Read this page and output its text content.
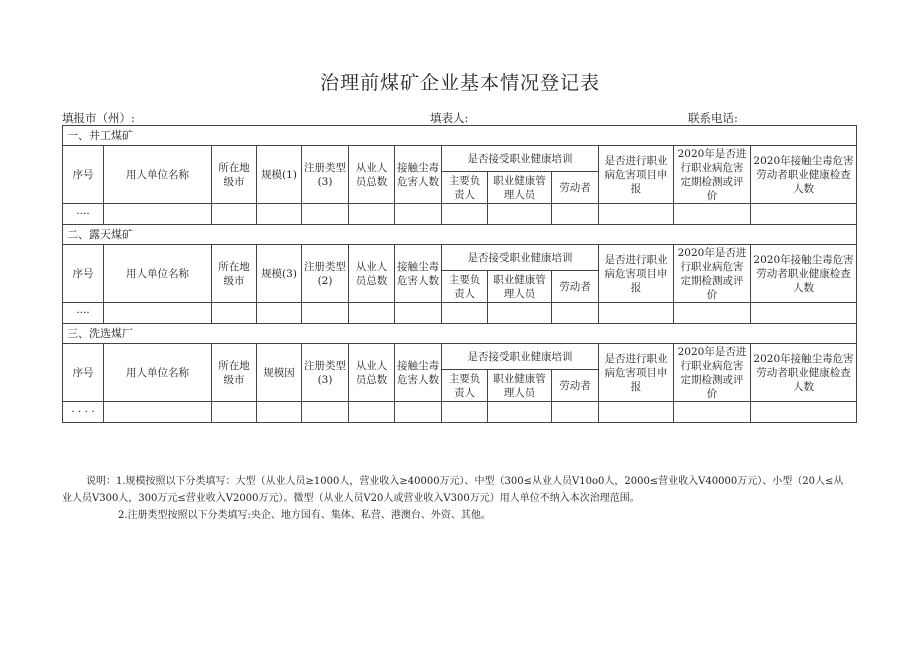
治理前煤矿企业基本情况登记表
填报市（州）:	填表人:	联系电话:
一、井工煤矿												
序号	用人单位名称	所在地级市	规模(1)	注册类型(3)	从业人员总数	接触尘毒危害人数	是否接受职业健康培训			是否进行职业病危害项目申报	2020年是否进行职业病危害定期检测或评价	2020年接触尘毒危害劳动者职业健康检查人数
							主要负责人	职业健康管理人员	劳动者			
····												
二、露天煤矿												
序号	用人单位名称	所在地级市	规模(3)	注册类型(2)	从业人员总数	接触尘毒危害人数	是否接受职业健康培训			是否进行职业病危害项目申报	2020年是否进行职业病危害定期检测或评价	2020年接触尘毒危害劳动者职业健康检查人数
							主要负责人	职业健康管理人员	劳动者			
····												
三、洗选煤厂												
序号	用人单位名称	所在地级市	规模因	注册类型(3)	从业人员总数	接触尘毒危害人数	是否接受职业健康培训			是否进行职业病危害项目申报	2020年是否进行职业病危害定期检测或评价	2020年接触尘毒危害劳动者职业健康检查人数
							主要负责人	职业健康管理人员	劳动者			
· · · ·												

说明：1.规模按照以下分类填写：大型（从业人员≥1000人，营业收入≥40000万元）、中型（300≤从业人员V10o0人，2000≤营业收入V40000万元）、小型（20人≤从业人员V300人，300万元≤营业收入V2000万元）。微型（从业人员V20人或营业收入V300万元）用人单位不纳入本次治理范围。

2.注册类型按照以下分类填写:央企、地方国有、集体、私营、港澳台、外资、其他。
